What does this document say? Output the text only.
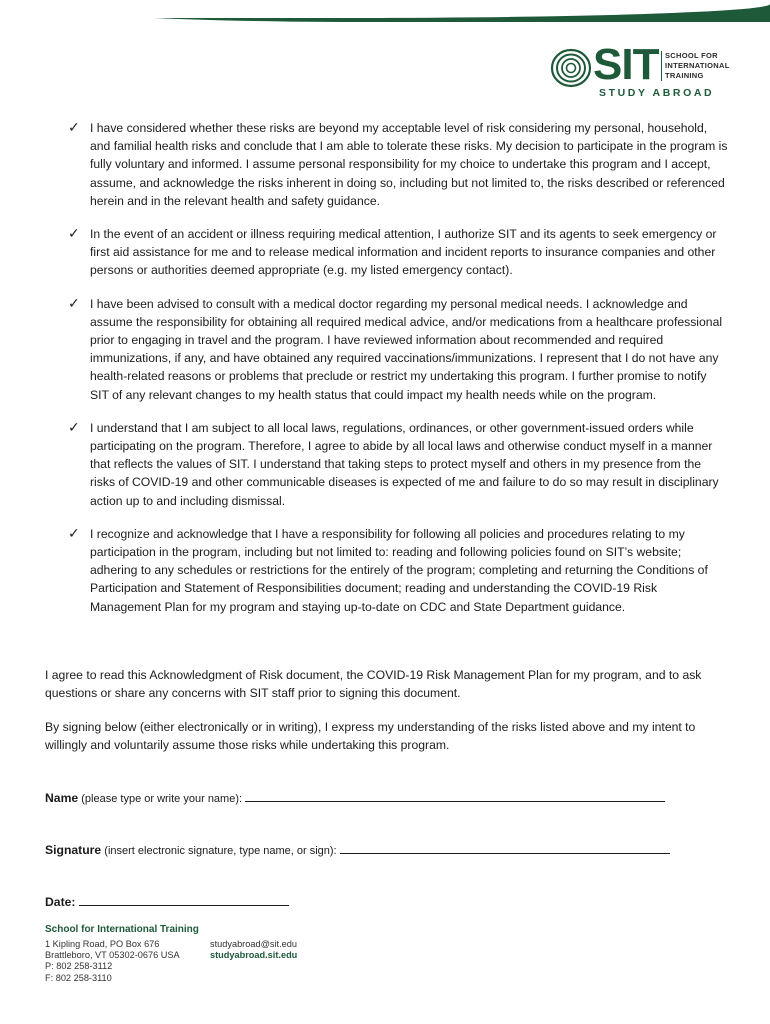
SIT SCHOOL FOR
INTERNATIONAL
TRAINING
STUDY ABROAD
✓ I have considered whether these risks are beyond my acceptable level of risk considering my personal, household, and familial health risks and conclude that I am able to tolerate these risks. My decision to participate in the program is fully voluntary and informed. I assume personal responsibility for my choice to undertake this program and I accept, assume, and acknowledge the risks inherent in doing so, including but not limited to, the risks described or referenced herein and in the relevant health and safety guidance.

✓ In the event of an accident or illness requiring medical attention, I authorize SIT and its agents to seek emergency or first aid assistance for me and to release medical information and incident reports to insurance companies and other persons or authorities deemed appropriate (e.g. my listed emergency contact).

✓ I have been advised to consult with a medical doctor regarding my personal medical needs. I acknowledge and assume the responsibility for obtaining all required medical advice, and/or medications from a healthcare professional prior to engaging in travel and the program. I have reviewed information about recommended and required immunizations, if any, and have obtained any required vaccinations/immunizations. I represent that I do not have any health-related reasons or problems that preclude or restrict my undertaking this program. I further promise to notify SIT of any relevant changes to my health status that could impact my health needs while on the program.

✓ I understand that I am subject to all local laws, regulations, ordinances, or other government-issued orders while participating on the program. Therefore, I agree to abide by all local laws and otherwise conduct myself in a manner that reflects the values of SIT. I understand that taking steps to protect myself and others in my presence from the risks of COVID-19 and other communicable diseases is expected of me and failure to do so may result in disciplinary action up to and including dismissal.

✓ I recognize and acknowledge that I have a responsibility for following all policies and procedures relating to my participation in the program, including but not limited to: reading and following policies found on SIT’s website; adhering to any schedules or restrictions for the entirely of the program; completing and returning the Conditions of Participation and Statement of Responsibilities document; reading and understanding the COVID-19 Risk Management Plan for my program and staying up-to-date on CDC and State Department guidance.

I agree to read this Acknowledgment of Risk document, the COVID-19 Risk Management Plan for my program, and to ask questions or share any concerns with SIT staff prior to signing this document.

By signing below (either electronically or in writing), I express my understanding of the risks listed above and my intent to willingly and voluntarily assume those risks while undertaking this program.

Name (please type or write your name):
Signature (insert electronic signature, type name, or sign):
Date:
School for International Training
1 Kipling Road, PO Box 676
Brattleboro, VT 05302-0676 USA
P: 802 258-3112
F: 802 258-3110
studyabroad@sit.edu
studyabroad.sit.edu
